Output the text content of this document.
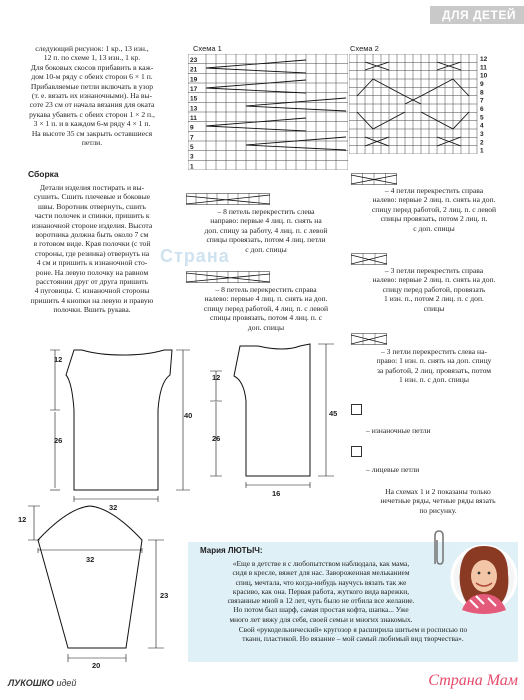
ДЛЯ ДЕТЕЙ

следующий рисунок: 1 кр., 13 изн.,

12 п. по схеме 1, 13 изн., 1 кр.

Для боковых скосов прибавить в каж-

дом 10-м ряду с обеих сторон 6 × 1 п.

Прибавляемые петли включать в узор

(т. е. вязать их изнаночными). На вы-

соте 23 см от начала вязания для оката

рукава убавить с обеих сторон 1 × 2 п.,

3 × 1 п. и в каждом 6-м ряду 4 × 1 п.

На высоте 35 см закрыть оставшиеся

петли.

Сборка

Детали изделия постирать и вы-

сушить. Сшить плечевые и боковые

швы. Воротник отвернуть, сшить

части полочек и спинки, пришить к

изнаночной стороне изделия. Высота

воротника должна быть около 7 см

в готовом виде. Края полочки (с той

стороны, где резинка) отвернуть на

4 см и пришить к изнаночной сто-

роне. На левую полочку на равном

расстоянии друг от друга пришить

4 пуговицы. С изнаночной стороны

пришить 4 кнопки на левую и правую

полочки. Вшить рукава.

Страна
Схема 1
23
21
19
17
15
13
11
9
7
5
3
1
Схема 2
12
11
10
9
8
7
6
5
4
3
2
1

– 8 петель перекрестить слева

направо: первые 4 лиц. п. снять на

доп. спицу за работу, 4 лиц. п. с левой

спицы провязать, потом 4 лиц. петли

с доп. спицы

– 8 петель перекрестить справа

налево: первые 4 лиц. п. снять на доп.

спицу перед работой, 4 лиц. п. с левой

спицы провязать, потом 4 лиц. п. с

доп. спицы

– 4 петли перекрестить справа

налево: первые 2 лиц. п. снять на доп.

спицу перед работой, 2 лиц. п. с левой

спицы провязать, потом 2 лиц. п.

с доп. спицы

– 3 петли перекрестить справа

налево: первые 2 лиц. п. снять на доп.

спицу перед работой, провязать

1 изн. п., потом 2 лиц. п. с доп.

спицы

– 3 петли перекрестить слева на-

право: 1 изн. п. снять на доп. спицу

за работой, 2 лиц. провязать, потом

1 изн. п. с доп. спицы

– изнаночные петли
– лицевые петли

На схемах 1 и 2 показаны только

нечетные ряды, четные ряды вязать

по рисунку.

12
26
32
40
12
26
16
45
12
32
23
20
Мария ЛЮТЫЧ:
«Еще в детстве я с любопытством наблюдала, как мама,
сидя в кресле, вяжет для нас. Завороженная мельканием
спиц, мечтала, что когда-нибудь научусь вязать так же
красиво, как она. Первая работа, жуткого вида варежки,
связанные мной в 12 лет, чуть было не отбила все желание.
Но потом был шарф, самая простая кофта, шапка... Уже
много лет вяжу для себя, своей семьи и многих знакомых.
Свой «рукодельнический» кругозор я расширила шитьем и росписью по
ткани, пластикой. Но вязание – мой самый любимый вид творчества».
ЛУКОШКО идей	Страна Мам
